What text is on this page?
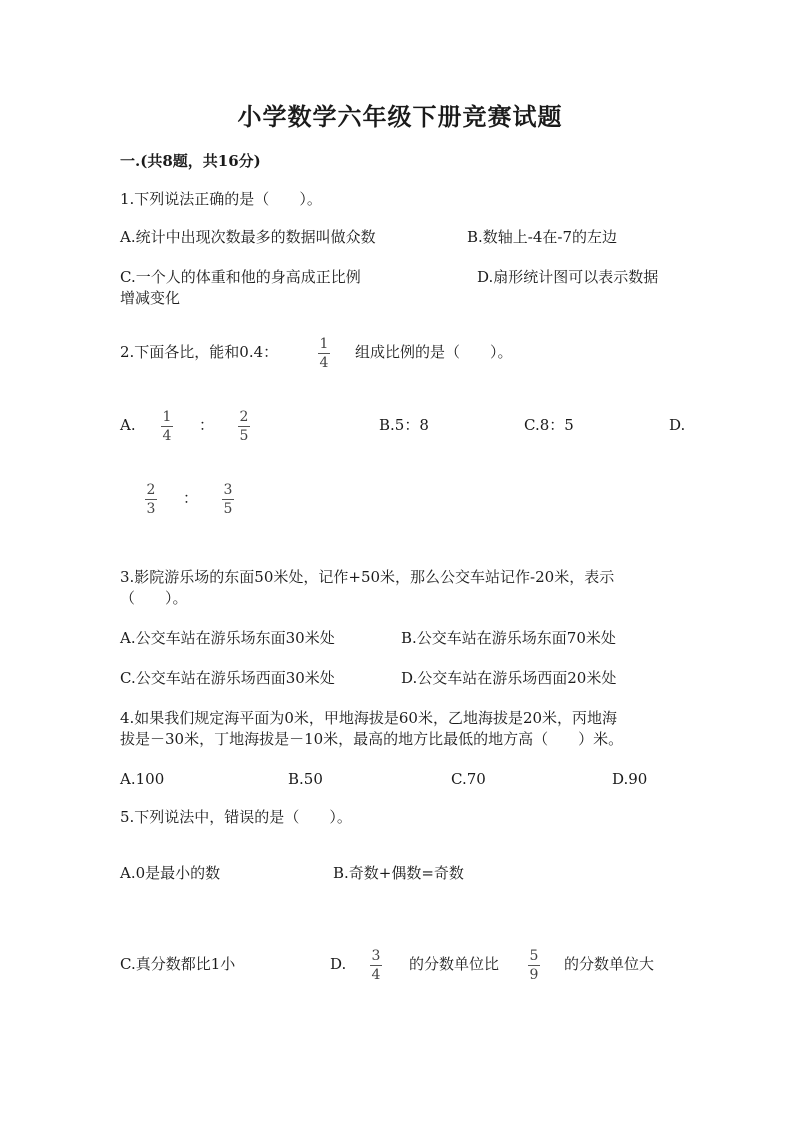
小学数学六年级下册竞赛试题
一.(共8题，共16分)
1.下列说法正确的是（　　）。
A.统计中出现次数最多的数据叫做众数	B.数轴上-4在-7的左边
C.一个人的体重和他的身高成正比例	D.扇形统计图可以表示数据
增减变化
2.下面各比，能和0.4：	1
4
组成比例的是（　　）。
A. 1
4
： 2
5
B.5：8	C.8：5	D.
2
3
： 3
5
3.影院游乐场的东面50米处，记作+50米，那么公交车站记作-20米，表示
（　　）。
A.公交车站在游乐场东面30米处	B.公交车站在游乐场东面70米处
C.公交车站在游乐场西面30米处	D.公交车站在游乐场西面20米处
4.如果我们规定海平面为0米，甲地海拔是60米，乙地海拔是20米，丙地海
拔是－30米，丁地海拔是－10米，最高的地方比最低的地方高（　　）米。
A.100	B.50	C.70	D.90
5.下列说法中，错误的是（　　）。
A.0是最小的数	B.奇数+偶数=奇数
C.真分数都比1小	D. 3
4
的分数单位比 5
9
的分数单位大
